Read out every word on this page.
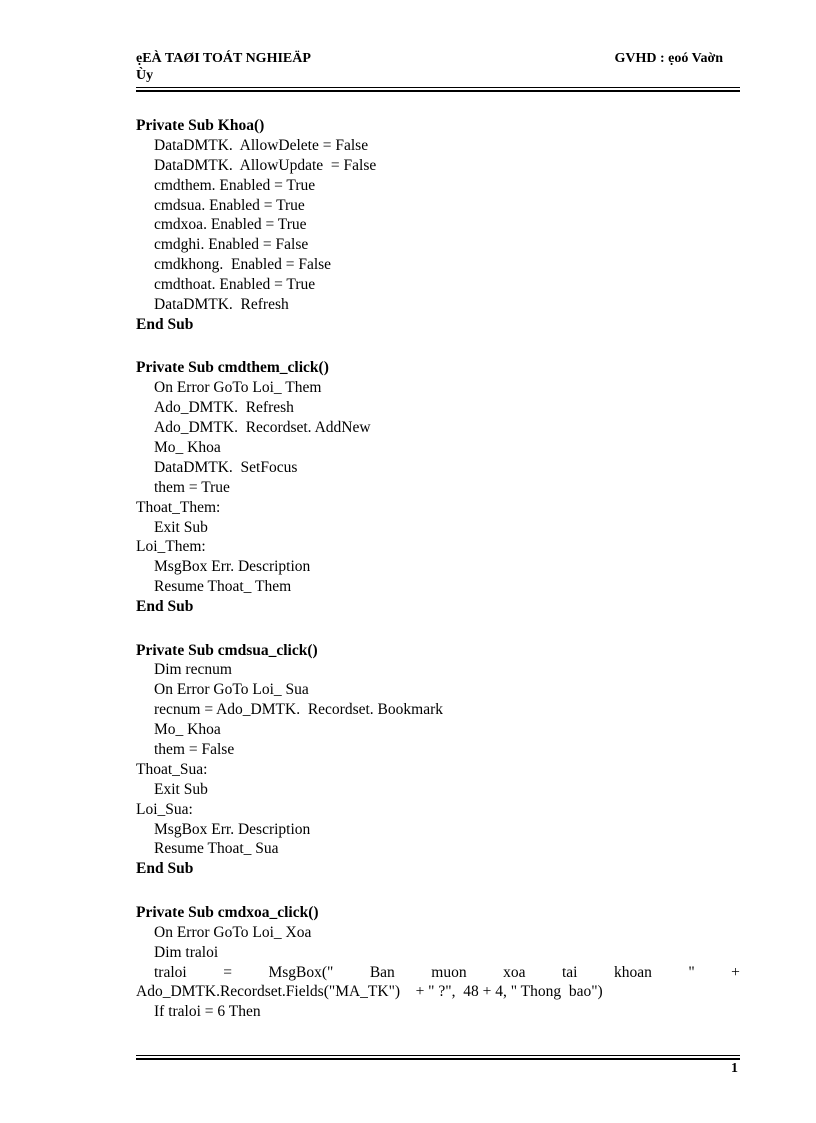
ẹEÀ TAØI TOÁT NGHIEÄP
Ùy
GVHD : ẹoó Vaờn
Private Sub Khoa()
DataDMTK.  AllowDelete = False
DataDMTK.  AllowUpdate  = False
cmdthem. Enabled = True
cmdsua. Enabled = True
cmdxoa. Enabled = True
cmdghi. Enabled = False
cmdkhong.  Enabled = False
cmdthoat. Enabled = True
DataDMTK.  Refresh
End Sub
Private Sub cmdthem_click()
On Error GoTo Loi_ Them
Ado_DMTK.  Refresh
Ado_DMTK.  Recordset. AddNew
Mo_ Khoa
DataDMTK.  SetFocus
them = True
Thoat_Them:
Exit Sub
Loi_Them:
MsgBox Err. Description
Resume Thoat_ Them
End Sub
Private Sub cmdsua_click()
Dim recnum
On Error GoTo Loi_ Sua
recnum = Ado_DMTK.  Recordset. Bookmark
Mo_ Khoa
them = False
Thoat_Sua:
Exit Sub
Loi_Sua:
MsgBox Err. Description
Resume Thoat_ Sua
End Sub
Private Sub cmdxoa_click()
On Error GoTo Loi_ Xoa
Dim traloi
traloi = MsgBox(" Ban muon xoa tai khoan " +
Ado_DMTK.Recordset.Fields("MA_TK")    + " ?",  48 + 4, " Thong  bao")
If traloi = 6 Then
1
